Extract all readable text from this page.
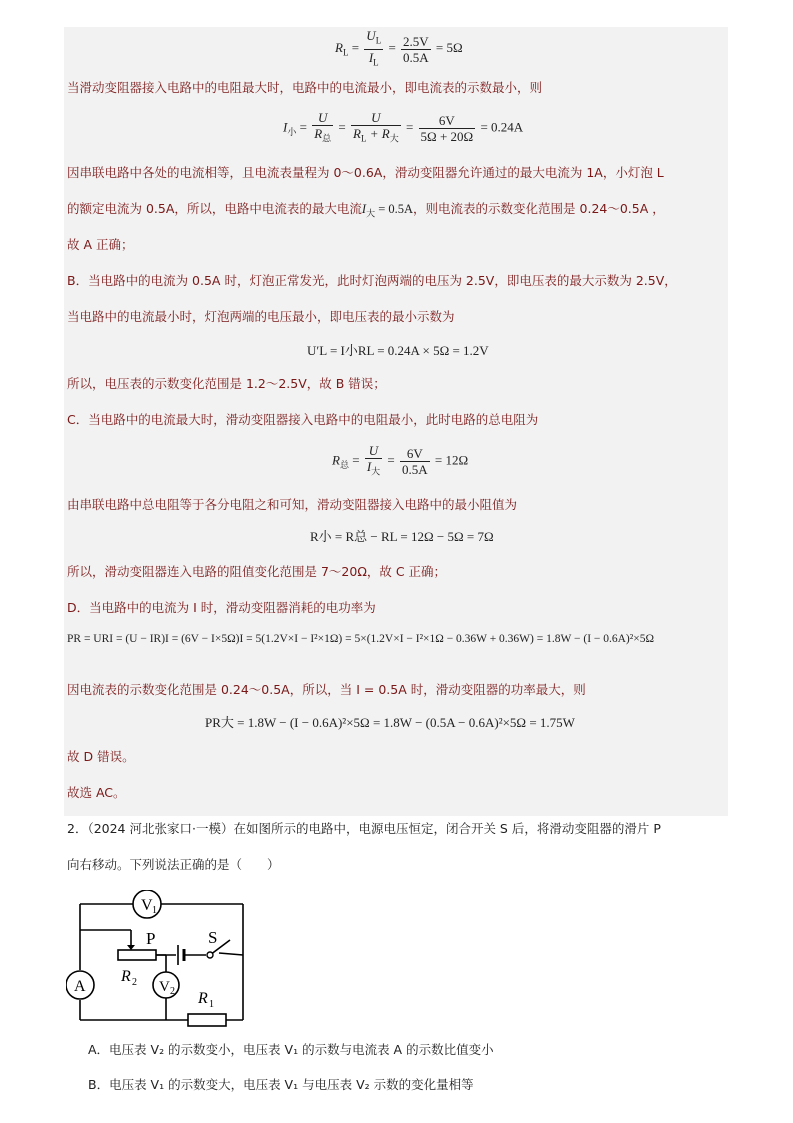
$R_L = \frac{U_L}{I_L} = \frac{2.5V}{0.5A} = 5\Omega$
当滑动变阻器接入电路中的电阻最大时，电路中的电流最小，即电流表的示数最小，则
$I_小 = \frac{U}{R_总} = \frac{U}{R_L + R_大} = \frac{6V}{5\Omega + 20\Omega} = 0.24A$
因串联电路中各处的电流相等，且电流表量程为 0～0.6A，滑动变阻器允许通过的最大电流为 1A，小灯泡 L
的额定电流为 0.5A，所以，电路中电流表的最大电流$I_大 = 0.5A$，则电流表的示数变化范围是 0.24～0.5A ，
故 A 正确；
B．当电路中的电流为 0.5A 时，灯泡正常发光，此时灯泡两端的电压为 2.5V，即电压表的最大示数为 2.5V，
当电路中的电流最小时，灯泡两端的电压最小，即电压表的最小示数为
U′L = I小RL = 0.24A × 5Ω = 1.2V
所以，电压表的示数变化范围是 1.2～2.5V，故 B 错误；
C．当电路中的电流最大时，滑动变阻器接入电路中的电阻最小，此时电路的总电阻为
$R_总 = \frac{U}{I_大} = \frac{6V}{0.5A} = 12\Omega$
由串联电路中总电阻等于各分电阻之和可知，滑动变阻器接入电路中的最小阻值为
R小 = R总 − RL = 12Ω − 5Ω = 7Ω
所以，滑动变阻器连入电路的阻值变化范围是 7～20Ω，故 C 正确；
D．当电路中的电流为 I 时，滑动变阻器消耗的电功率为
PR = URI = (U − IR)I = (6V − I×5Ω)I = 5(1.2V×I − I²×1Ω) = 5×(1.2V×I − I²×1Ω − 0.36W + 0.36W) = 1.8W − (I − 0.6A)²×5Ω
因电流表的示数变化范围是 0.24～0.5A，所以，当 I = 0.5A 时，滑动变阻器的功率最大，则
PR大 = 1.8W − (I − 0.6A)²×5Ω = 1.8W − (0.5A − 0.6A)²×5Ω = 1.75W
故 D 错误。
故选 AC。
2．（2024 河北张家口·一模）在如图所示的电路中，电源电压恒定，闭合开关 S 后，将滑动变阻器的滑片 P
向右移动。下列说法正确的是（　　）
V 1
A	V 2
P
R 2
S
R 1
A．电压表 V₂ 的示数变小，电压表 V₁ 的示数与电流表 A 的示数比值变小
B．电压表 V₁ 的示数变大，电压表 V₁ 与电压表 V₂ 示数的变化量相等
